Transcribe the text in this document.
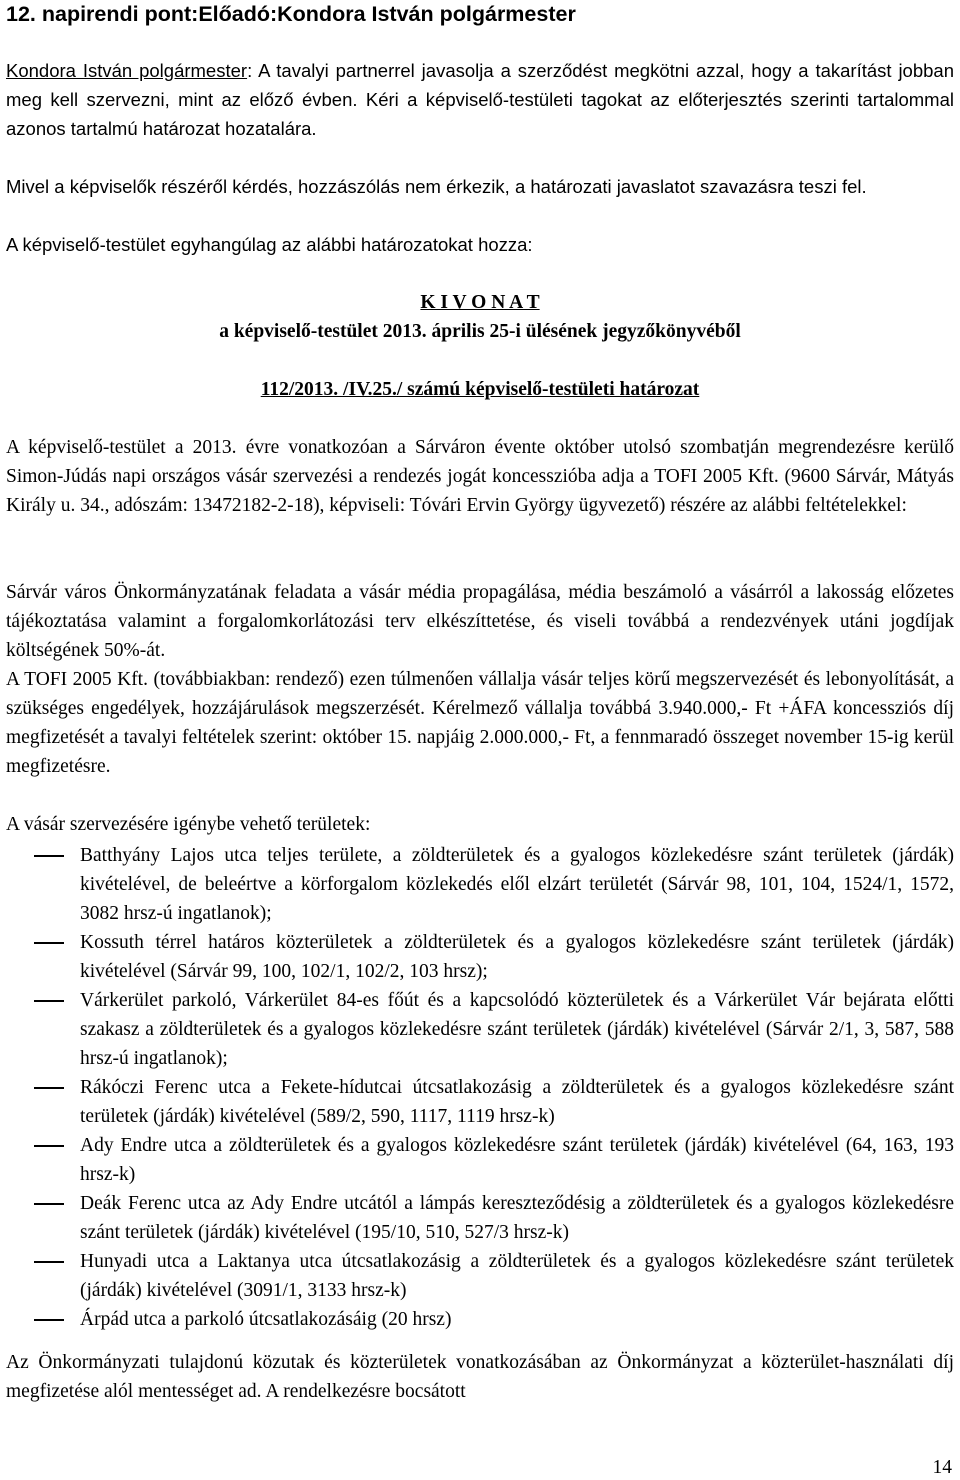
12. napirendi pont:Előadó:Kondora István polgármester

Kondora István polgármester: A tavalyi partnerrel javasolja a szerződést megkötni azzal, hogy a takarítást jobban meg kell szervezni, mint az előző évben. Kéri a képviselő-testületi tagokat az előterjesztés szerinti tartalommal azonos tartalmú határozat hozatalára.

Mivel a képviselők részéről kérdés, hozzászólás nem érkezik, a határozati javaslatot szavazásra teszi fel.

A képviselő-testület egyhangúlag az alábbi határozatokat hozza:

K I V O N A T
a képviselő-testület 2013. április 25-i ülésének jegyzőkönyvéből
112/2013. /IV.25./ számú képviselő-testületi határozat

A képviselő-testület a 2013. évre vonatkozóan a Sárváron évente október utolsó szombatján megrendezésre kerülő Simon-Júdás napi országos vásár szervezési a rendezés jogát koncesszióba adja a TOFI 2005 Kft. (9600 Sárvár, Mátyás Király u. 34., adószám: 13472182-2-18), képviseli: Tóvári Ervin György ügyvezető) részére az alábbi feltételekkel:

Sárvár város Önkormányzatának feladata a vásár média propagálása, média beszámoló a vásárról a lakosság előzetes tájékoztatása valamint a forgalomkorlátozási terv elkészíttetése, és viseli továbbá a rendezvények utáni jogdíjak költségének 50%-át.

A TOFI 2005 Kft. (továbbiakban: rendező) ezen túlmenően vállalja vásár teljes körű megszervezését és lebonyolítását, a szükséges engedélyek, hozzájárulások megszerzését. Kérelmező vállalja továbbá 3.940.000,- Ft +ÁFA koncessziós díj megfizetését a tavalyi feltételek szerint: október 15. napjáig 2.000.000,- Ft, a fennmaradó összeget november 15-ig kerül megfizetésre.

A vásár szervezésére igénybe vehető területek:

Batthyány Lajos utca teljes területe, a zöldterületek és a gyalogos közlekedésre szánt területek (járdák) kivételével, de beleértve a körforgalom közlekedés elől elzárt területét (Sárvár 98, 101, 104, 1524/1, 1572, 3082 hrsz-ú ingatlanok);
Kossuth térrel határos közterületek a zöldterületek és a gyalogos közlekedésre szánt területek (járdák) kivételével (Sárvár 99, 100, 102/1, 102/2, 103 hrsz);
Várkerület parkoló, Várkerület 84-es főút és a kapcsolódó közterületek és a Várkerület Vár bejárata előtti szakasz a zöldterületek és a gyalogos közlekedésre szánt területek (járdák) kivételével (Sárvár 2/1, 3, 587, 588 hrsz-ú ingatlanok);
Rákóczi Ferenc utca a Fekete-hídutcai útcsatlakozásig a zöldterületek és a gyalogos közlekedésre szánt területek (járdák) kivételével (589/2, 590, 1117, 1119 hrsz-k)
Ady Endre utca a zöldterületek és a gyalogos közlekedésre szánt területek (járdák) kivételével (64, 163, 193 hrsz-k)
Deák Ferenc utca az Ady Endre utcától a lámpás kereszteződésig a zöldterületek és a gyalogos közlekedésre szánt területek (járdák) kivételével (195/10, 510, 527/3 hrsz-k)
Hunyadi utca a Laktanya utca útcsatlakozásig a zöldterületek és a gyalogos közlekedésre szánt területek (járdák) kivételével (3091/1, 3133 hrsz-k)
Árpád utca a parkoló útcsatlakozásáig (20 hrsz)

Az Önkormányzati tulajdonú közutak és közterületek vonatkozásában az Önkormányzat a közterület-használati díj megfizetése alól mentességet ad. A rendelkezésre bocsátott

14
